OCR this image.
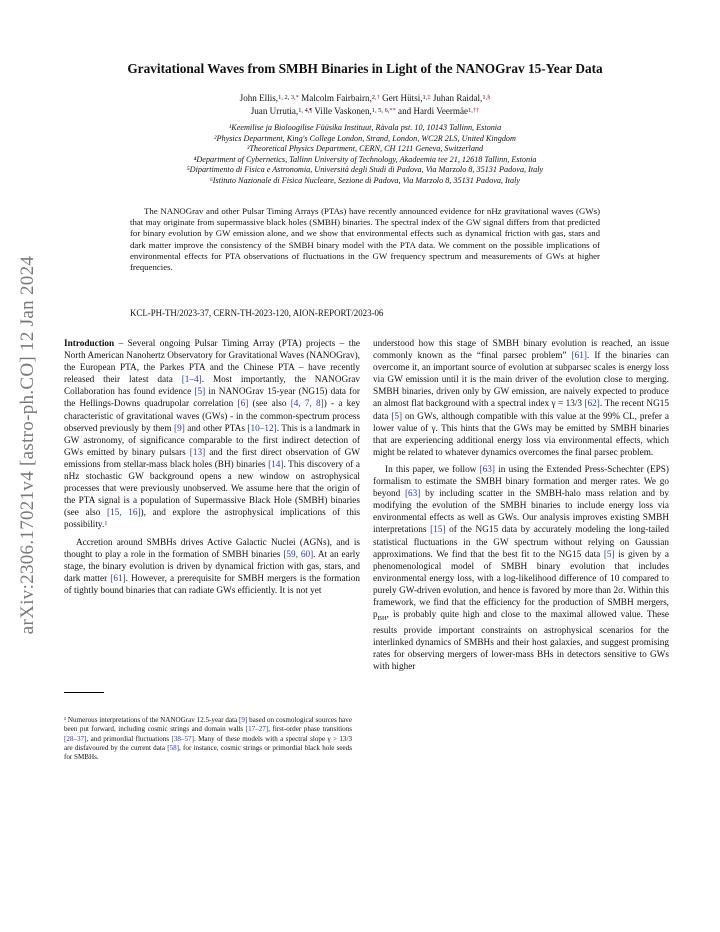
arXiv:2306.17021v4 [astro-ph.CO] 12 Jan 2024
Gravitational Waves from SMBH Binaries in Light of the NANOGrav 15-Year Data
John Ellis,$^{1, 2, 3,*}$ Malcolm Fairbairn,$^{2,\dagger}$ Gert Hütsi,$^{1,\ddagger}$ Juhan Raidal,$^{1,\S}$
Juan Urrutia,$^{1, 4,\P}$ Ville Vaskonen,$^{1, 5, 6,**}$ and Hardi Veermäe$^{1,\dagger\dagger}$
¹Keemilise ja Bioloogilise Füüsika Instituut, Rävala pst. 10, 10143 Tallinn, Estonia
²Physics Department, King's College London, Strand, London, WC2R 2LS, United Kingdom
³Theoretical Physics Department, CERN, CH 1211 Geneva, Switzerland
⁴Department of Cybernetics, Tallinn University of Technology, Akadeemia tee 21, 12618 Tallinn, Estonia
⁵Dipartimento di Fisica e Astronomia, Università degli Studi di Padova, Via Marzolo 8, 35131 Padova, Italy
⁶Istituto Nazionale di Fisica Nucleare, Sezione di Padova, Via Marzolo 8, 35131 Padova, Italy
The NANOGrav and other Pulsar Timing Arrays (PTAs) have recently announced evidence for nHz gravitational waves (GWs) that may originate from supermassive black holes (SMBH) binaries. The spectral index of the GW signal differs from that predicted for binary evolution by GW emission alone, and we show that environmental effects such as dynamical friction with gas, stars and dark matter improve the consistency of the SMBH binary model with the PTA data. We comment on the possible implications of environmental effects for PTA observations of fluctuations in the GW frequency spectrum and measurements of GWs at higher frequencies.
KCL-PH-TH/2023-37, CERN-TH-2023-120, AION-REPORT/2023-06

Introduction – Several ongoing Pulsar Timing Array (PTA) projects – the North American Nanohertz Observatory for Gravitational Waves (NANOGrav), the European PTA, the Parkes PTA and the Chinese PTA – have recently released their latest data [1–4]. Most importantly, the NANOGrav Collaboration has found evidence [5] in NANOGrav 15-year (NG15) data for the Hellings-Downs quadrupolar correlation [6] (see also [4, 7, 8]) - a key characteristic of gravitational waves (GWs) - in the common-spectrum process observed previously by them [9] and other PTAs [10–12]. This is a landmark in GW astronomy, of significance comparable to the first indirect detection of GWs emitted by binary pulsars [13] and the first direct observation of GW emissions from stellar-mass black holes (BH) binaries [14]. This discovery of a nHz stochastic GW background opens a new window on astrophysical processes that were previously unobserved. We assume here that the origin of the PTA signal is a population of Supermassive Black Hole (SMBH) binaries (see also [15, 16]), and explore the astrophysical implications of this possibility.$^1$

Accretion around SMBHs drives Active Galactic Nuclei (AGNs), and is thought to play a role in the formation of SMBH binaries [59, 60]. At an early stage, the binary evolution is driven by dynamical friction with gas, stars, and dark matter [61]. However, a prerequisite for SMBH mergers is the formation of tightly bound binaries that can radiate GWs efficiently. It is not yet

¹ Numerous interpretations of the NANOGrav 12.5-year data [9] based on cosmological sources have been put forward, including cosmic strings and domain walls [17–27], first-order phase transitions [28–37], and primordial fluctuations [38–57]. Many of these models with a spectral slope γ > 13/3 are disfavoured by the current data [58], for instance, cosmic strings or primordial black hole seeds for SMBHs.

understood how this stage of SMBH binary evolution is reached, an issue commonly known as the “final parsec problem” [61]. If the binaries can overcome it, an important source of evolution at subparsec scales is energy loss via GW emission until it is the main driver of the evolution close to merging. SMBH binaries, driven only by GW emission, are naively expected to produce an almost flat background with a spectral index γ = 13/3 [62]. The recent NG15 data [5] on GWs, although compatible with this value at the 99% CL, prefer a lower value of γ. This hints that the GWs may be emitted by SMBH binaries that are experiencing additional energy loss via environmental effects, which might be related to whatever dynamics overcomes the final parsec problem.

In this paper, we follow [63] in using the Extended Press-Schechter (EPS) formalism to estimate the SMBH binary formation and merger rates. We go beyond [63] by including scatter in the SMBH-halo mass relation and by modifying the evolution of the SMBH binaries to include energy loss via environmental effects as well as GWs. Our analysis improves existing SMBH interpretations [15] of the NG15 data by accurately modeling the long-tailed statistical fluctuations in the GW spectrum without relying on Gaussian approximations. We find that the best fit to the NG15 data [5] is given by a phenomenological model of SMBH binary evolution that includes environmental energy loss, with a log-likelihood difference of 10 compared to purely GW-driven evolution, and hence is favored by more than 2σ. Within this framework, we find that the efficiency for the production of SMBH mergers, $p_{BH}$, is probably quite high and close to the maximal allowed value. These results provide important constraints on astrophysical scenarios for the interlinked dynamics of SMBHs and their host galaxies, and suggest promising rates for observing mergers of lower-mass BHs in detectors sensitive to GWs with higher
